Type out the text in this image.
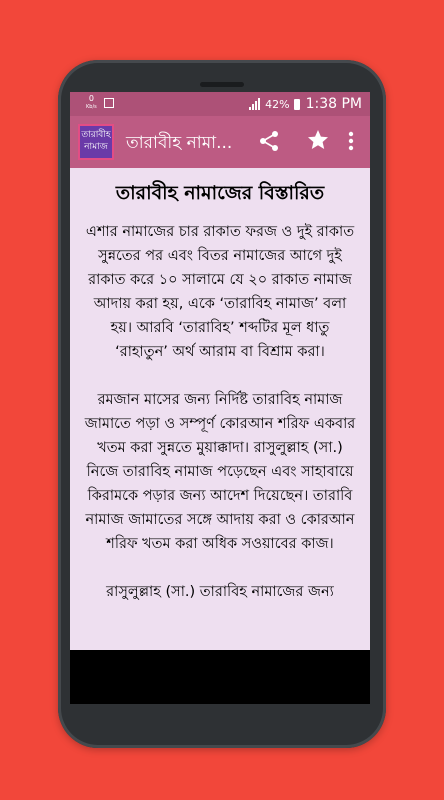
0
Kb/s	42% 1:38 PM
তারাবীহ নামাজ	তারাবীহ নামা...
তারাবীহ নামাজের বিস্তারিত

এশার নামাজের চার রাকাত ফরজ ও দুই রাকাত সুন্নতের পর এবং বিতর নামাজের আগে দুই রাকাত করে ১০ সালামে যে ২০ রাকাত নামাজ আদায় করা হয়, একে ‘তারাবিহ নামাজ’ বলা হয়। আরবি ‘তারাবিহ’ শব্দটির মূল ধাতু ‘রাহাতুন’ অর্থ আরাম বা বিশ্রাম করা।

রমজান মাসের জন্য নির্দিষ্ট তারাবিহ নামাজ জামাতে পড়া ও সম্পূর্ণ কোরআন শরিফ একবার খতম করা সুন্নতে মুয়াক্কাদা। রাসুলুল্লাহ (সা.) নিজে তারাবিহ নামাজ পড়েছেন এবং সাহাবায়ে কিরামকে পড়ার জন্য আদেশ দিয়েছেন। তারাবি নামাজ জামাতের সঙ্গে আদায় করা ও কোরআন শরিফ খতম করা অধিক সওয়াবের কাজ।

রাসুলুল্লাহ (সা.) তারাবিহ নামাজের জন্য
